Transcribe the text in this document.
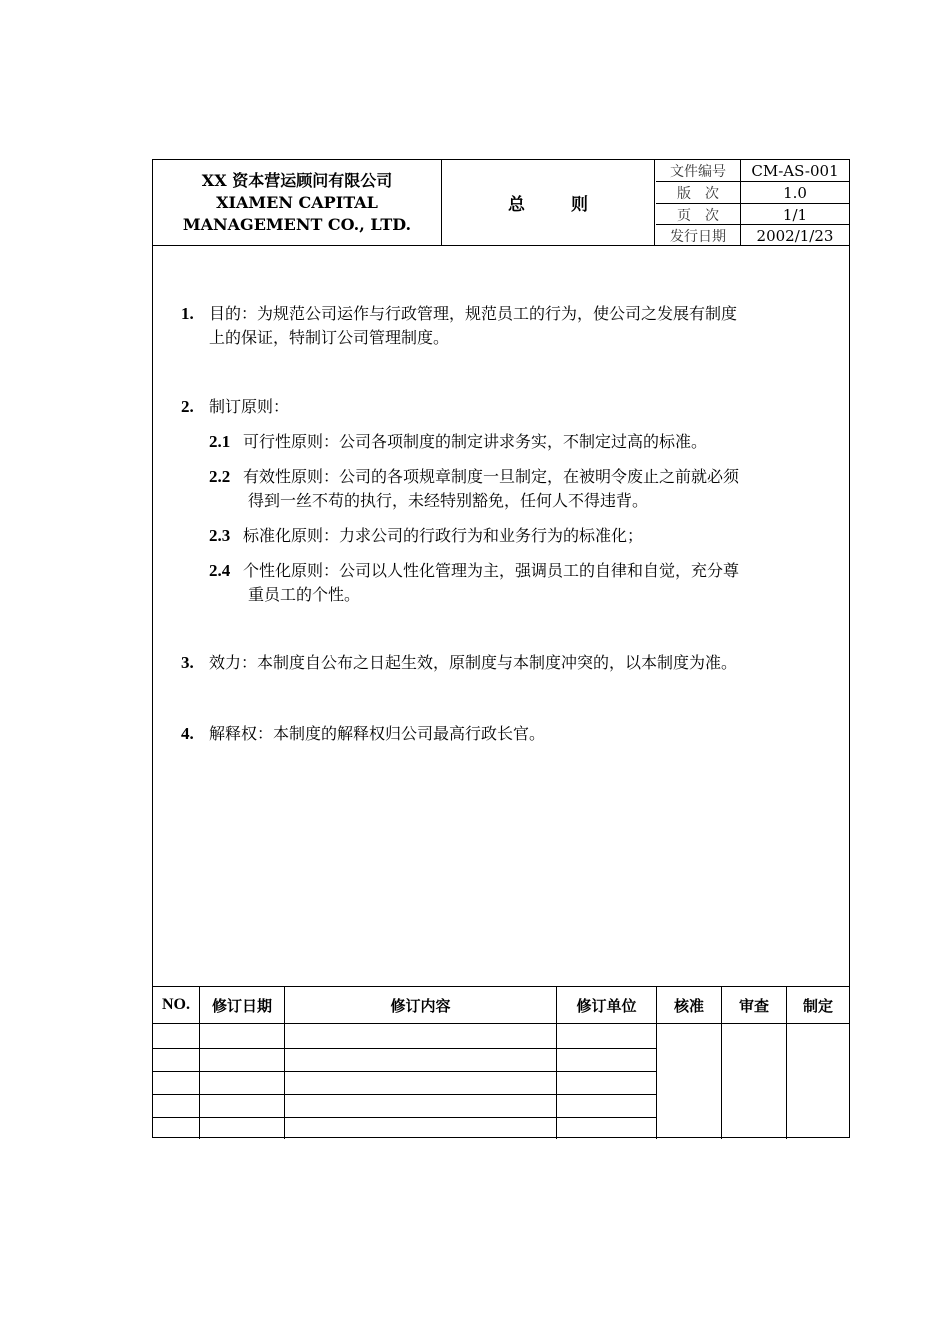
XX 资本营运顾问有限公司
XIAMEN CAPITAL
MANAGEMENT CO., LTD.
总则
文件编号	CM-AS-001
版　次	1.0
页　次	1/1
发行日期	2002/1/23
1. 目的：为规范公司运作与行政管理，规范员工的行为，使公司之发展有制度
上的保证，特制订公司管理制度。
2. 制订原则：
2.1 可行性原则：公司各项制度的制定讲求务实，不制定过高的标准。
2.2 有效性原则：公司的各项规章制度一旦制定，在被明令废止之前就必须
得到一丝不苟的执行，未经特别豁免，任何人不得违背。
2.3 标准化原则：力求公司的行政行为和业务行为的标准化；
2.4 个性化原则：公司以人性化管理为主，强调员工的自律和自觉，充分尊
重员工的个性。
3. 效力：本制度自公布之日起生效，原制度与本制度冲突的，以本制度为准。
4. 解释权：本制度的解释权归公司最高行政长官。
NO.	修订日期	修订内容	修订单位	核准	审查	制定
